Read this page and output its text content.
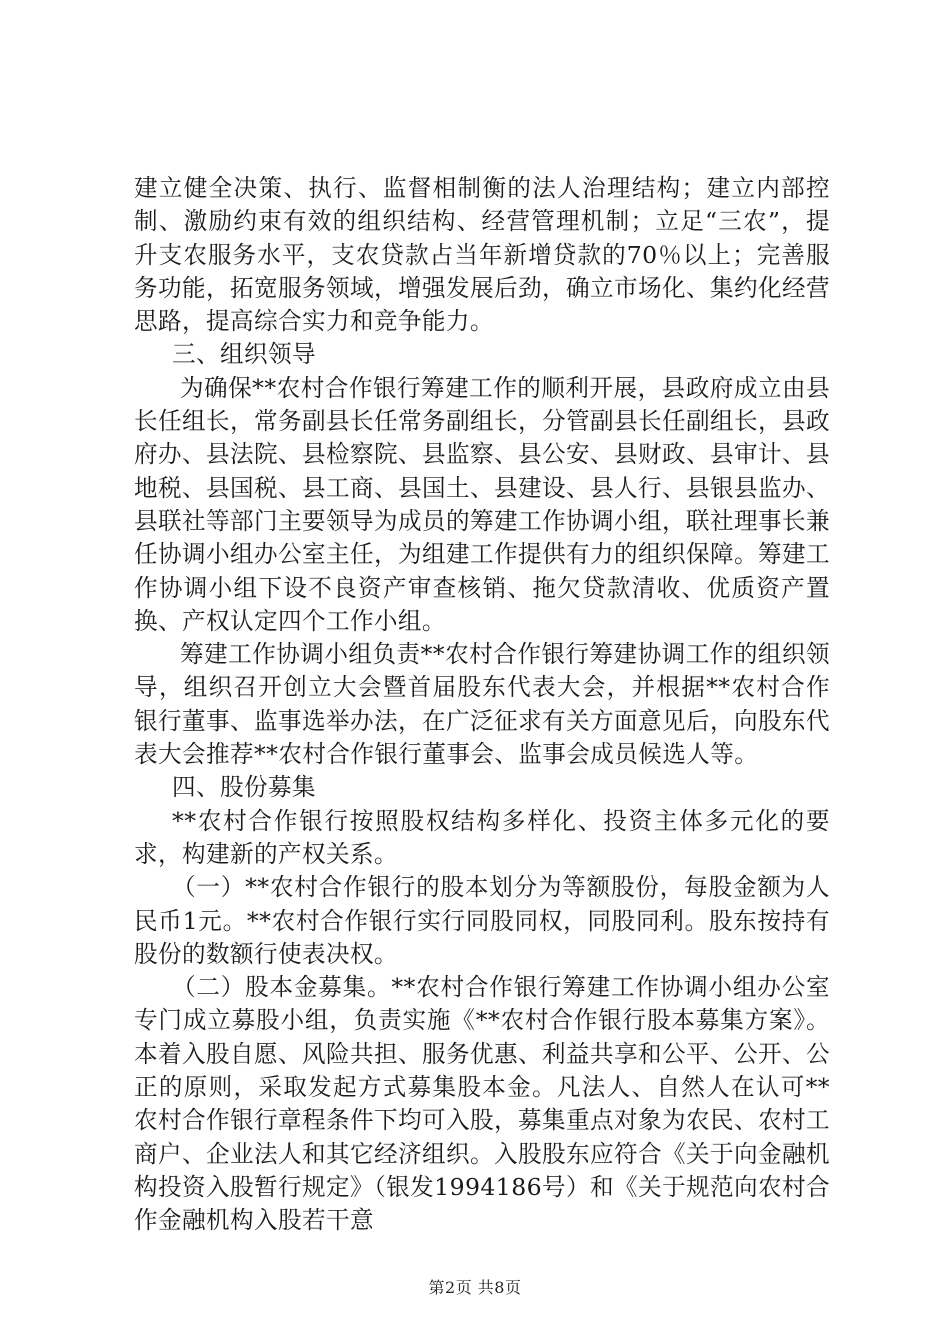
建立健全决策、执行、监督相制衡的法人治理结构；建立内部控制、激励约束有效的组织结构、经营管理机制；立足“三农”，提升支农服务水平，支农贷款占当年新增贷款的70％以上；完善服务功能，拓宽服务领域，增强发展后劲，确立市场化、集约化经营思路，提高综合实力和竞争能力。

三、组织领导

为确保**农村合作银行筹建工作的顺利开展，县政府成立由县长任组长，常务副县长任常务副组长，分管副县长任副组长，县政府办、县法院、县检察院、县监察、县公安、县财政、县审计、县地税、县国税、县工商、县国土、县建设、县人行、县银县监办、县联社等部门主要领导为成员的筹建工作协调小组，联社理事长兼任协调小组办公室主任，为组建工作提供有力的组织保障。筹建工作协调小组下设不良资产审查核销、拖欠贷款清收、优质资产置换、产权认定四个工作小组。

筹建工作协调小组负责**农村合作银行筹建协调工作的组织领导，组织召开创立大会暨首届股东代表大会，并根据**农村合作银行董事、监事选举办法，在广泛征求有关方面意见后，向股东代表大会推荐**农村合作银行董事会、监事会成员候选人等。

四、股份募集

**农村合作银行按照股权结构多样化、投资主体多元化的要求，构建新的产权关系。

（一）**农村合作银行的股本划分为等额股份，每股金额为人民币1元。**农村合作银行实行同股同权，同股同利。股东按持有股份的数额行使表决权。

（二）股本金募集。**农村合作银行筹建工作协调小组办公室专门成立募股小组，负责实施《**农村合作银行股本募集方案》。本着入股自愿、风险共担、服务优惠、利益共享和公平、公开、公正的原则，采取发起方式募集股本金。凡法人、自然人在认可**农村合作银行章程条件下均可入股，募集重点对象为农民、农村工商户、企业法人和其它经济组织。入股股东应符合《关于向金融机构投资入股暂行规定》（银发1994186号）和《关于规范向农村合作金融机构入股若干意

第2页 共8页
